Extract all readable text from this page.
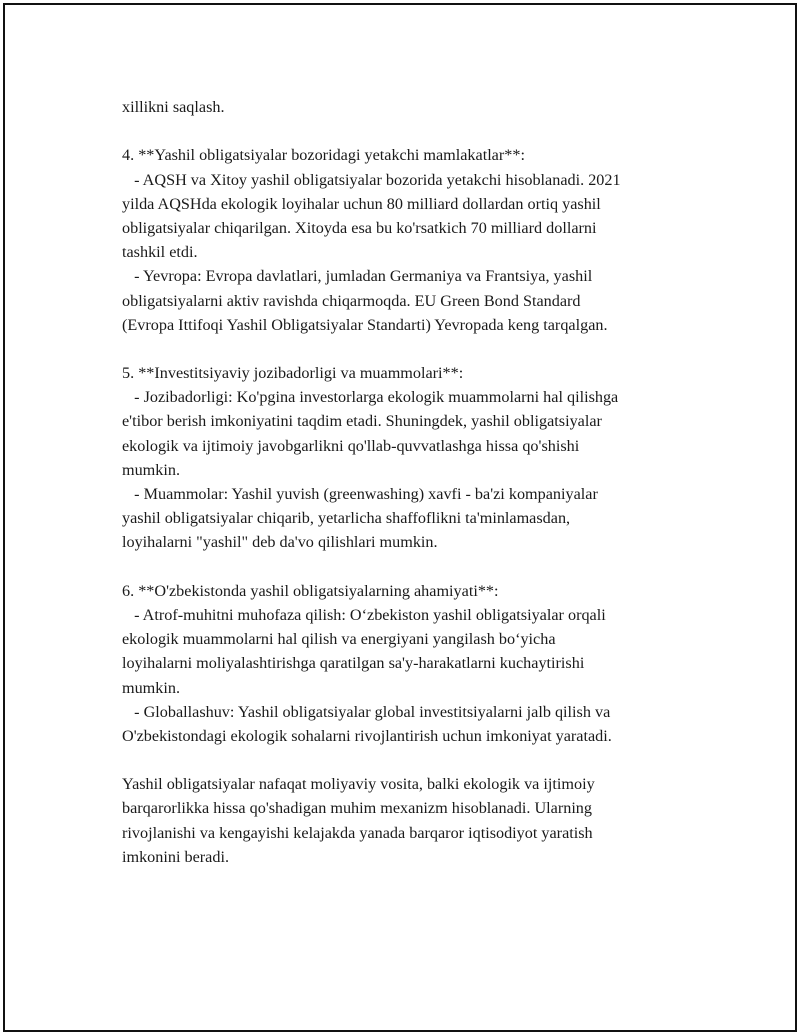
xillikni saqlash.
4. **Yashil obligatsiyalar bozoridagi yetakchi mamlakatlar**:
- AQSH va Xitoy yashil obligatsiyalar bozorida yetakchi hisoblanadi. 2021
yilda AQSHda ekologik loyihalar uchun 80 milliard dollardan ortiq yashil
obligatsiyalar chiqarilgan. Xitoyda esa bu ko'rsatkich 70 milliard dollarni
tashkil etdi.
- Yevropa: Evropa davlatlari, jumladan Germaniya va Frantsiya, yashil
obligatsiyalarni aktiv ravishda chiqarmoqda. EU Green Bond Standard
(Evropa Ittifoqi Yashil Obligatsiyalar Standarti) Yevropada keng tarqalgan.
5. **Investitsiyaviy jozibadorligi va muammolari**:
- Jozibadorligi: Ko'pgina investorlarga ekologik muammolarni hal qilishga
e'tibor berish imkoniyatini taqdim etadi. Shuningdek, yashil obligatsiyalar
ekologik va ijtimoiy javobgarlikni qo'llab-quvvatlashga hissa qo'shishi
mumkin.
- Muammolar: Yashil yuvish (greenwashing) xavfi - ba'zi kompaniyalar
yashil obligatsiyalar chiqarib, yetarlicha shaffoflikni ta'minlamasdan,
loyihalarni "yashil" deb da'vo qilishlari mumkin.
6. **O'zbekistonda yashil obligatsiyalarning ahamiyati**:
- Atrof-muhitni muhofaza qilish: O‘zbekiston yashil obligatsiyalar orqali
ekologik muammolarni hal qilish va energiyani yangilash bo‘yicha
loyihalarni moliyalashtirishga qaratilgan sa'y-harakatlarni kuchaytirishi
mumkin.
- Globallashuv: Yashil obligatsiyalar global investitsiyalarni jalb qilish va
O'zbekistondagi ekologik sohalarni rivojlantirish uchun imkoniyat yaratadi.
Yashil obligatsiyalar nafaqat moliyaviy vosita, balki ekologik va ijtimoiy
barqarorlikka hissa qo'shadigan muhim mexanizm hisoblanadi. Ularning
rivojlanishi va kengayishi kelajakda yanada barqaror iqtisodiyot yaratish
imkonini beradi.
